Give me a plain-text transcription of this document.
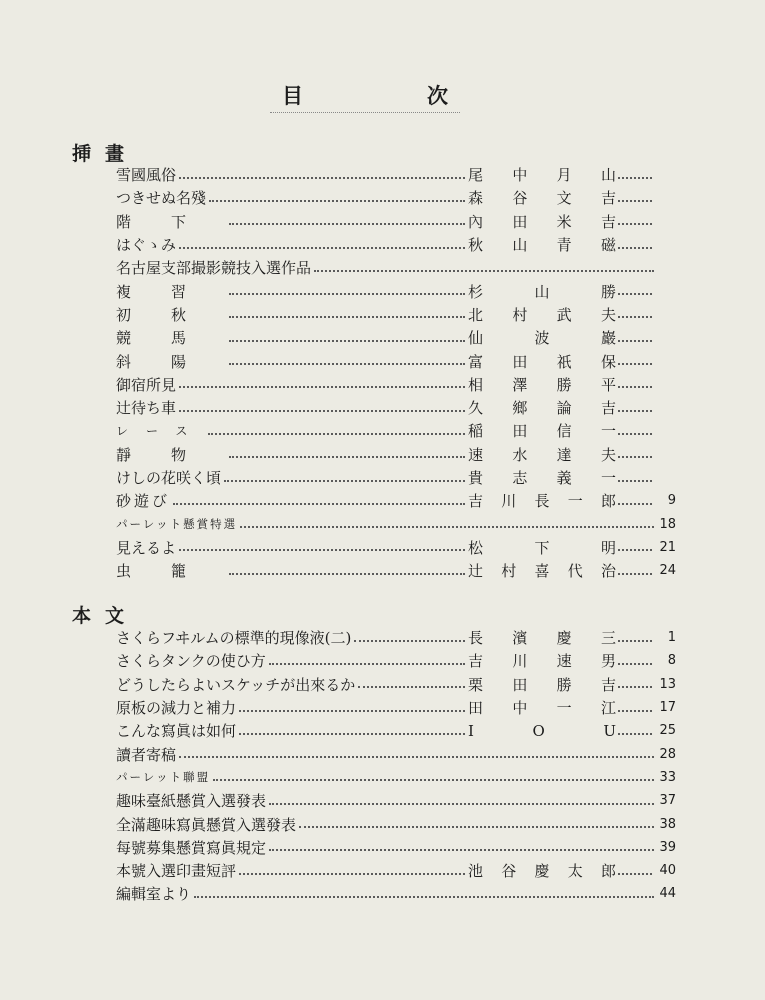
目	次
挿 畫
雪國風俗	尾 中 月 山
つきせぬ名殘	森 谷 文 吉
階下	內 田 米 吉
はぐゝみ	秋 山 青 磁
名古屋支部撮影競技入選作品
複習	杉	山	勝
初秋	北 村 武 夫
競馬	仙	波	巖
斜陽	富 田 祇 保
御宿所見	相 澤 勝 平
辻待ち車	久 鄉 論 吉
レース	稲 田 信 一
靜物	速 水 達 夫
けしの花咲く頃	貴 志 義 一
砂遊び	吉 川 長 一 郎	9
パーレット懸賞特選	18
見えるよ	松	下	明	21
虫籠	辻 村 喜 代 治	24
本 文
さくらフヰルムの標準的現像液(二)	長 濱 慶 三	1
さくらタンクの使ひ方	吉 川 速 男	8
どうしたらよいスケッチが出來るか	栗 田 勝 吉	13
原板の減力と補力	田 中 一 江	17
こんな寫眞は如何	I	O	U	25
讀者寄稿	28
パーレット聯盟	33
趣味臺紙懸賞入選發表	37
全滿趣味寫眞懸賞入選發表	38
每號募集懸賞寫眞規定	39
本號入選印畫短評	池 谷 慶 太 郎	40
編輯室より	44
